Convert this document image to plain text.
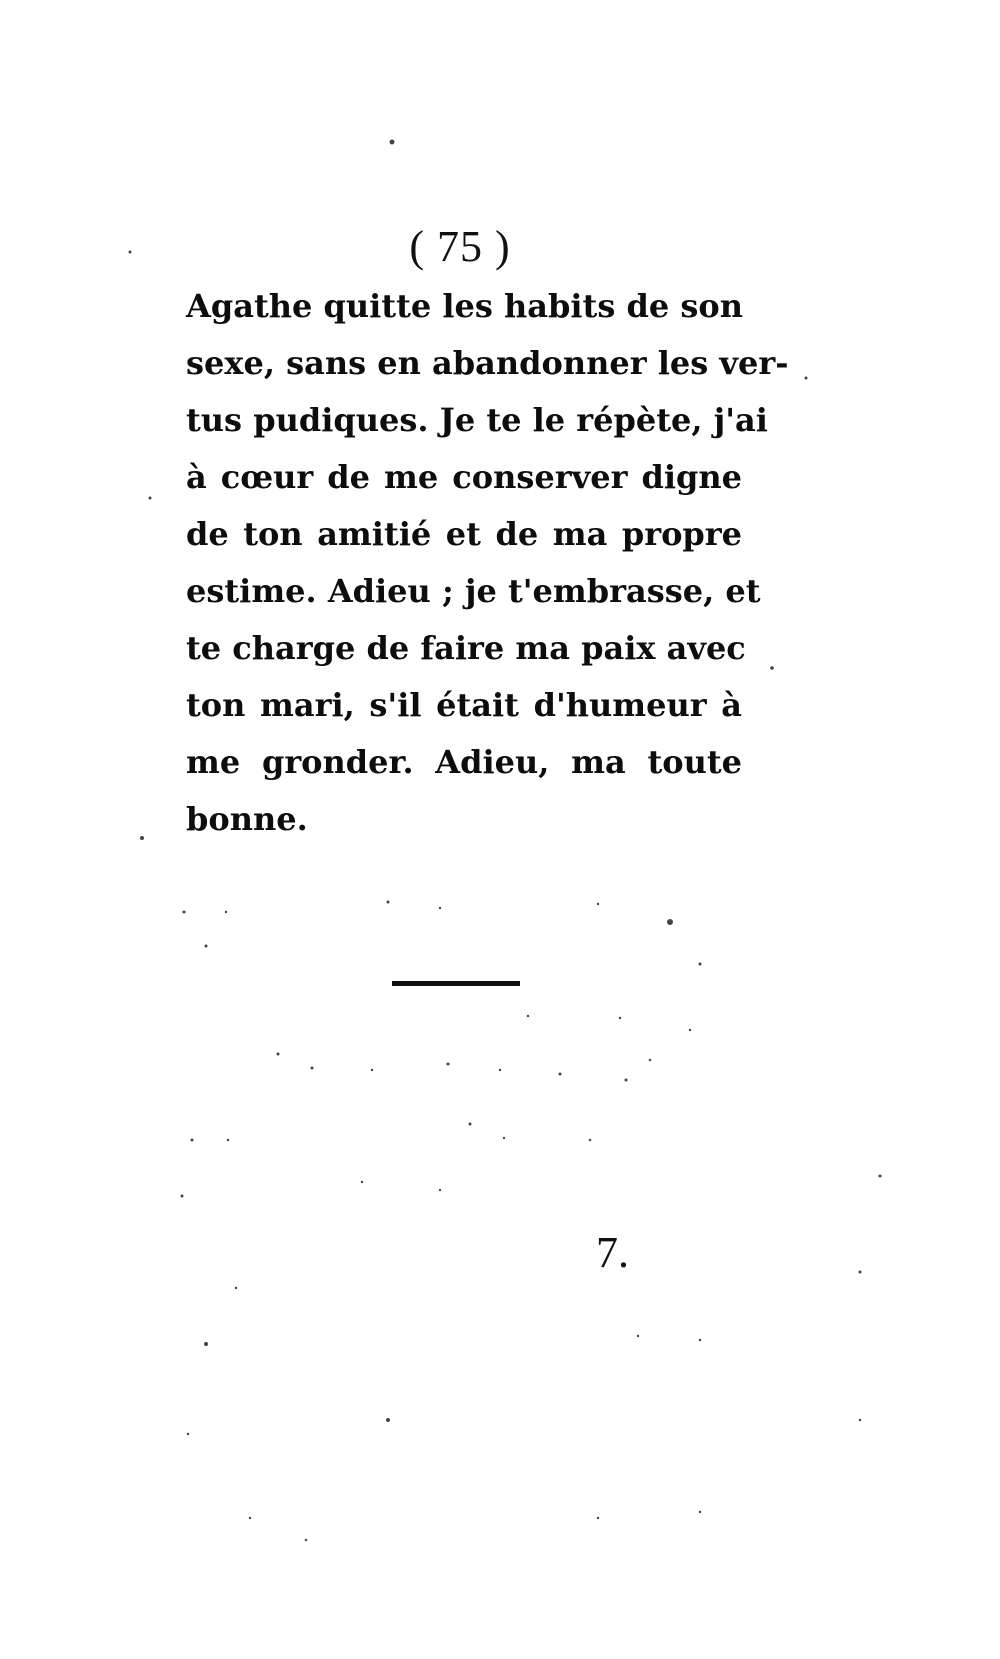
( 75 )

Agathe quitte les habits de son
sexe, sans en abandonner les ver-
tus pudiques. Je te le répète, j'ai
à cœur de me conserver digne
de ton amitié et de ma propre
estime. Adieu ; je t'embrasse, et
te charge de faire ma paix avec
ton mari, s'il était d'humeur à
me gronder. Adieu, ma toute
bonne.

7.
